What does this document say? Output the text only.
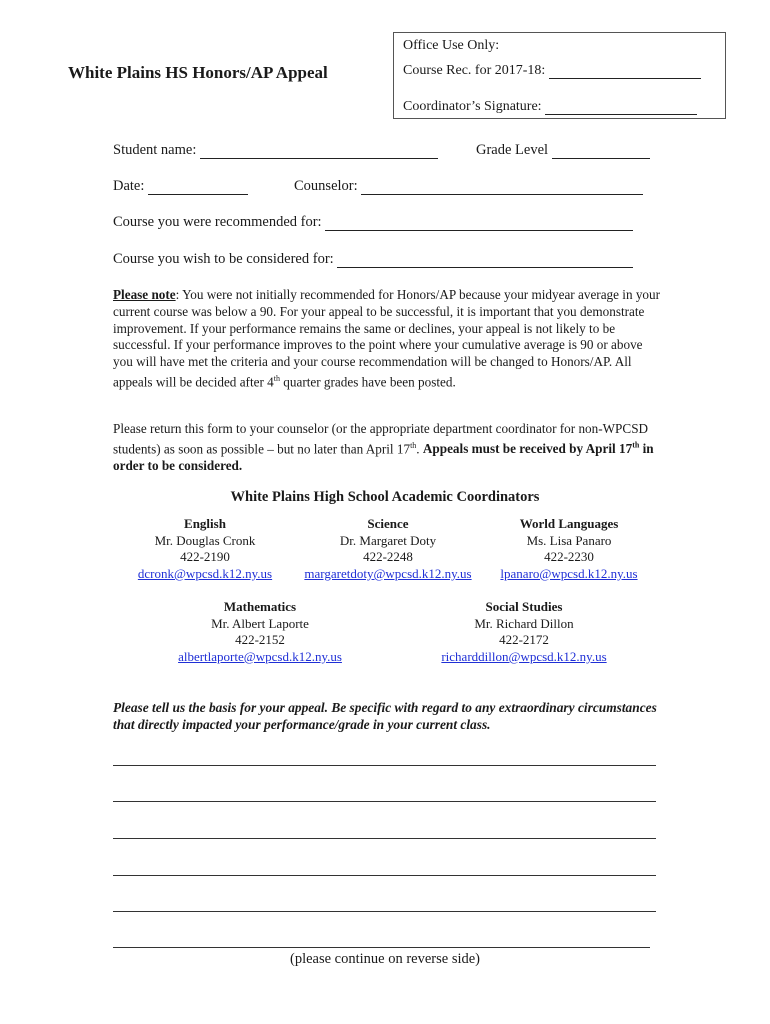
White Plains HS Honors/AP Appeal
Office Use Only:
Course Rec. for 2017-18:
Coordinator’s Signature:
Student name:	Grade Level
Date:	Counselor:
Course you were recommended for:
Course you wish to be considered for:

Please note: You were not initially recommended for Honors/AP because your midyear average in your current course was below a 90. For your appeal to be successful, it is important that you demonstrate improvement. If your performance remains the same or declines, your appeal is not likely to be successful. If your performance improves to the point where your cumulative average is 90 or above you will have met the criteria and your course recommendation will be changed to Honors/AP. All appeals will be decided after 4th quarter grades have been posted.

Please return this form to your counselor (or the appropriate department coordinator for non-WPCSD students) as soon as possible – but no later than April 17th. Appeals must be received by April 17th in order to be considered.

White Plains High School Academic Coordinators
English
Mr. Douglas Cronk
422-2190
dcronk@wpcsd.k12.ny.us
Science
Dr. Margaret Doty
422-2248
margaretdoty@wpcsd.k12.ny.us
World Languages
Ms. Lisa Panaro
422-2230
lpanaro@wpcsd.k12.ny.us
Mathematics
Mr. Albert Laporte
422-2152
albertlaporte@wpcsd.k12.ny.us
Social Studies
Mr. Richard Dillon
422-2172
richarddillon@wpcsd.k12.ny.us
Please tell us the basis for your appeal. Be specific with regard to any extraordinary circumstances that directly impacted your performance/grade in your current class.
(please continue on reverse side)
